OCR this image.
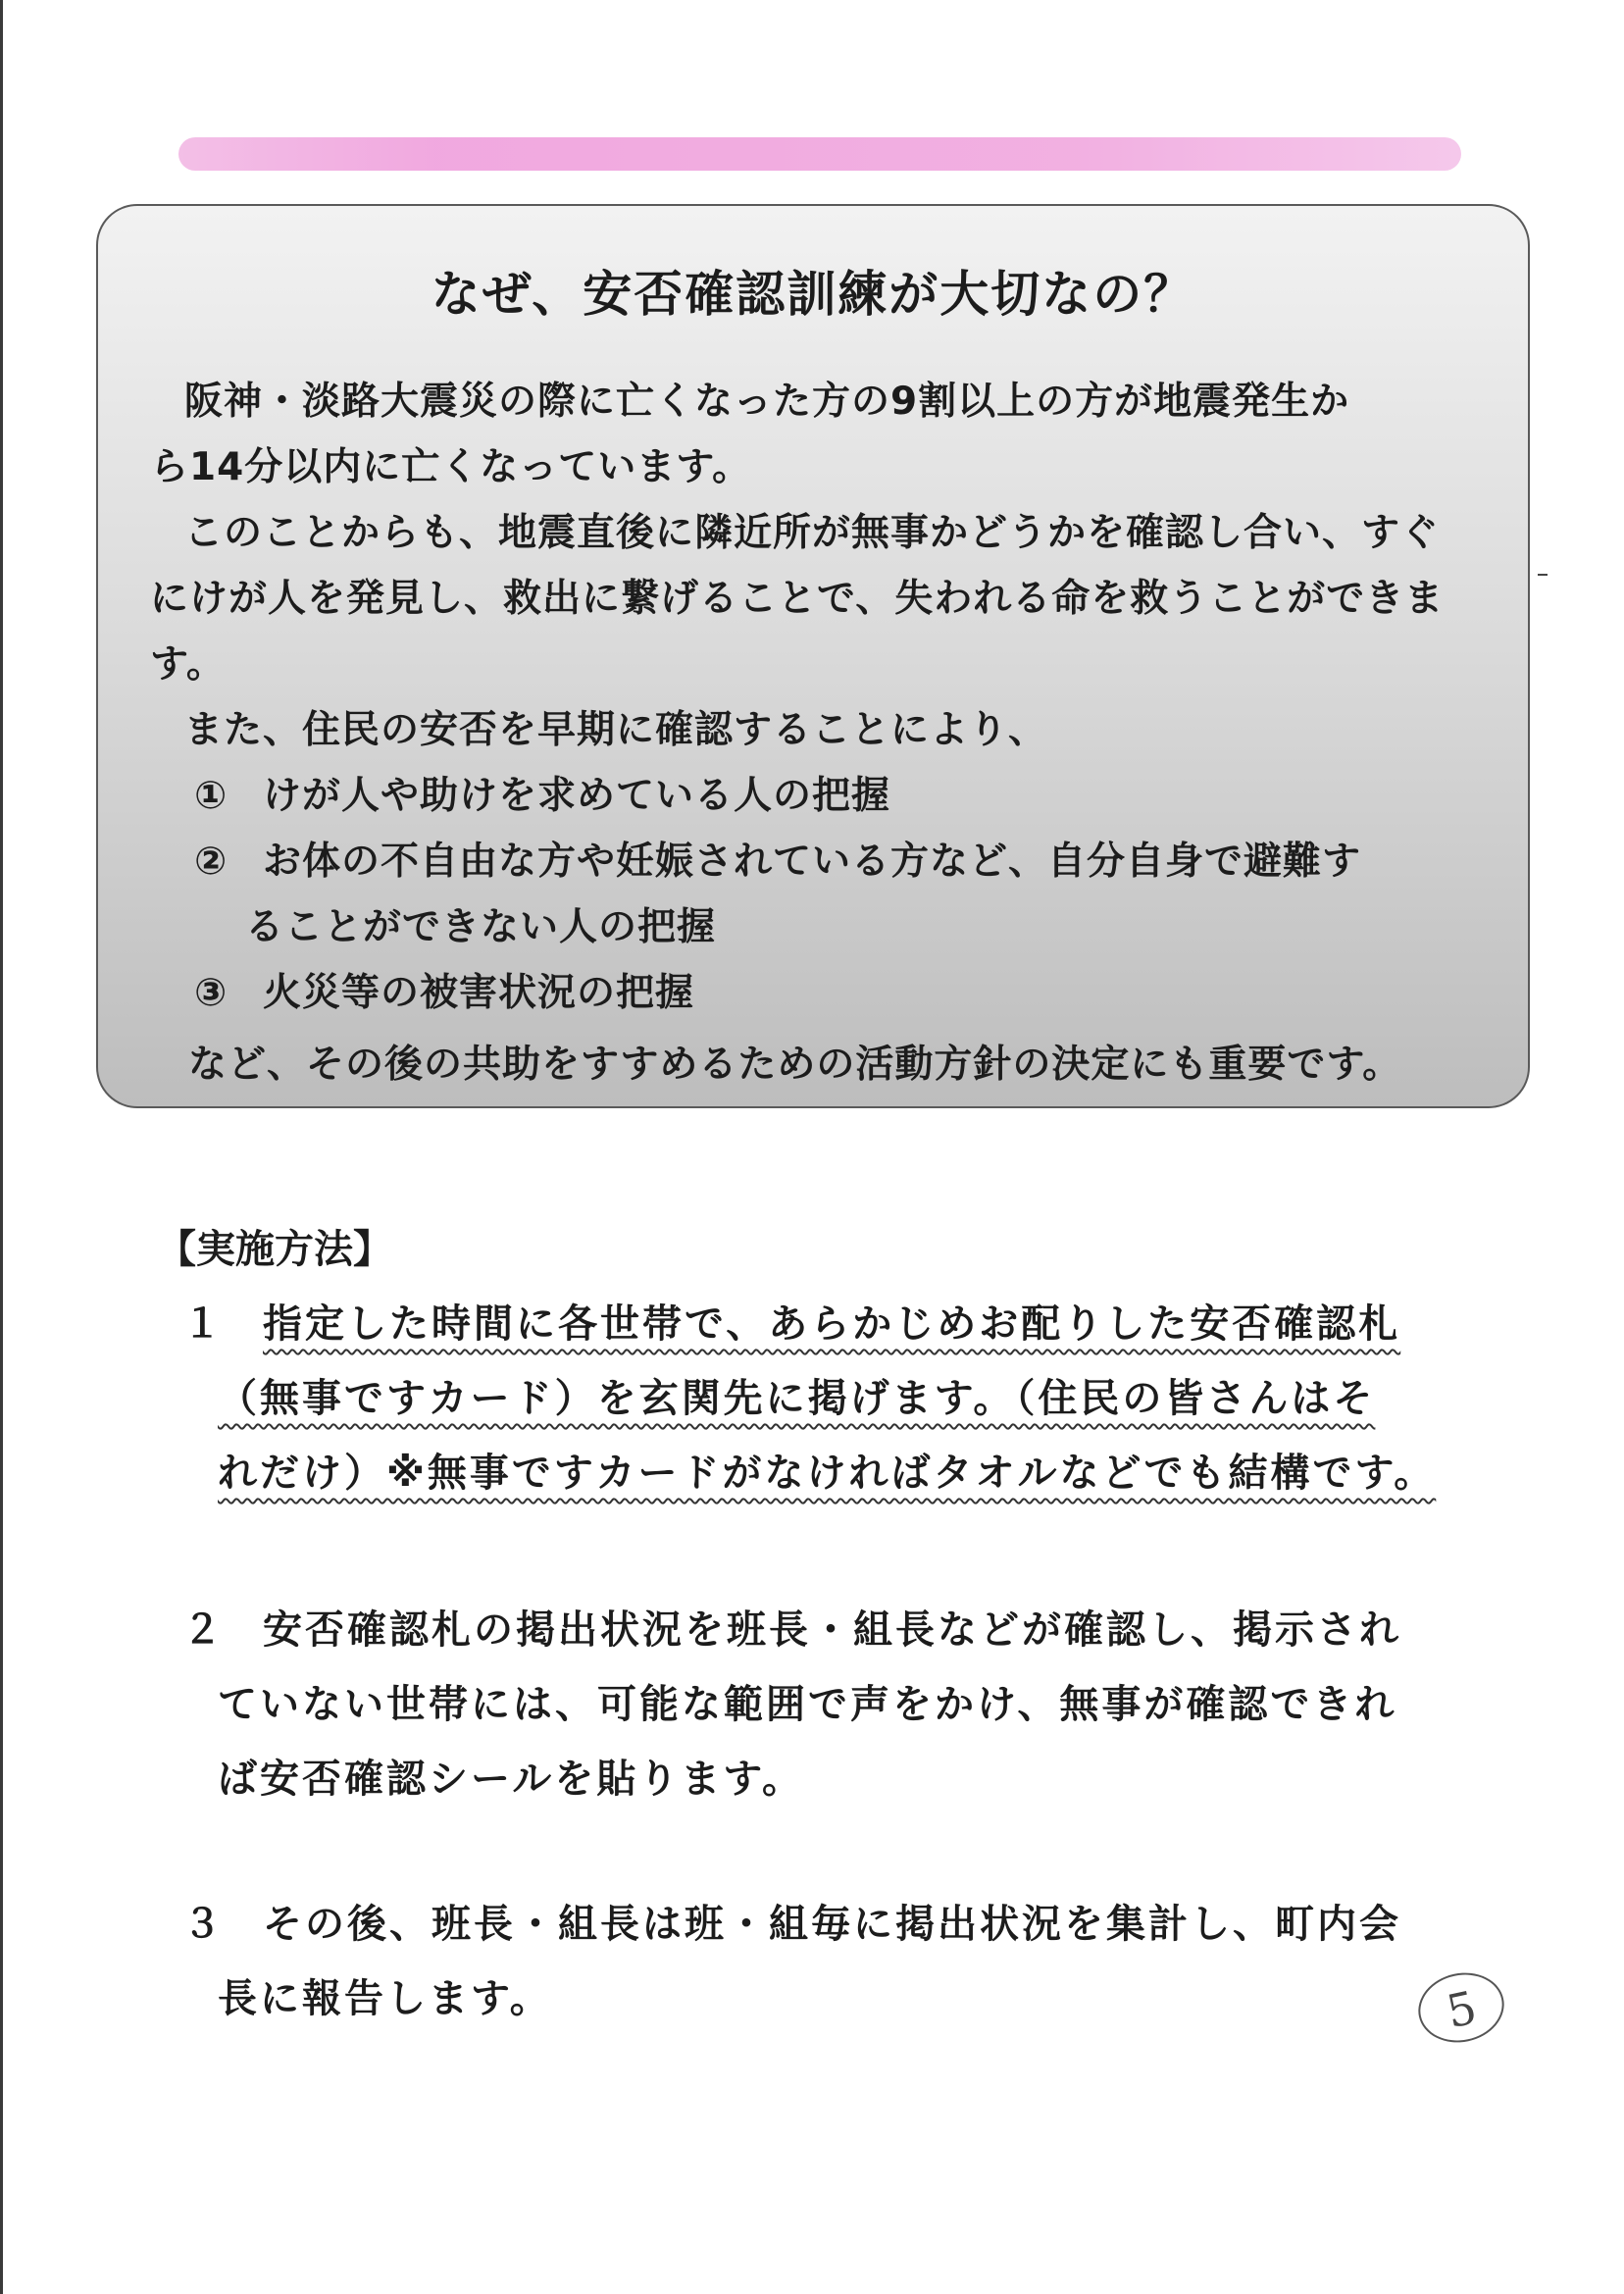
なぜ、安否確認訓練が大切なの？
阪神・淡路大震災の際に亡くなった方の9割以上の方が地震発生か
ら14分以内に亡くなっています。
このことからも、地震直後に隣近所が無事かどうかを確認し合い、すぐ
にけが人を発見し、救出に繋げることで、失われる命を救うことができま
す。
また、住民の安否を早期に確認することにより、
① けが人や助けを求めている人の把握
② お体の不自由な方や妊娠されている方など、自分自身で避難す
ることができない人の把握
③ 火災等の被害状況の把握
など、その後の共助をすすめるための活動方針の決定にも重要です。
【実施方法】
１ 指定した時間に各世帯で、あらかじめお配りした安否確認札
（無事ですカード）を玄関先に掲げます。（住民の皆さんはそ
れだけ）※無事ですカードがなければタオルなどでも結構です。
２ 安否確認札の掲出状況を班長・組長などが確認し、掲示され
ていない世帯には、可能な範囲で声をかけ、無事が確認できれ
ば安否確認シールを貼ります。
３ その後、班長・組長は班・組毎に掲出状況を集計し、町内会
長に報告します。	5
